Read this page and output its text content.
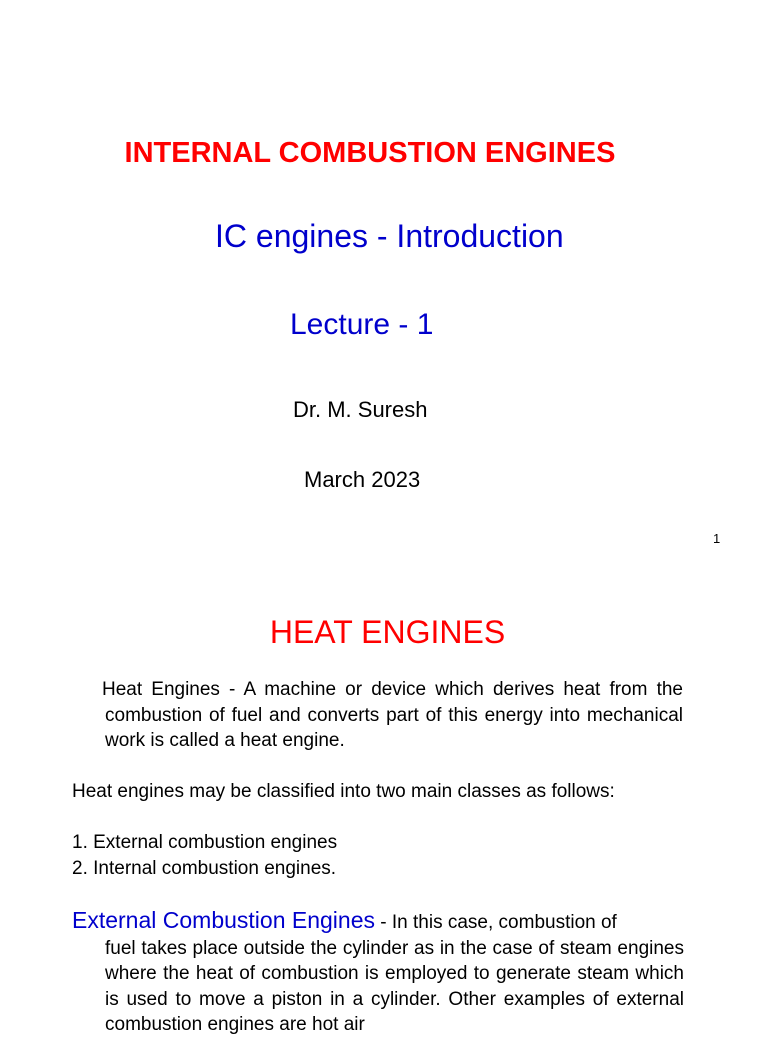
INTERNAL COMBUSTION ENGINES
IC engines - Introduction
Lecture - 1
Dr. M. Suresh
March 2023
1
HEAT ENGINES
Heat Engines - A machine or device which derives heat from the combustion of fuel and converts part of this energy into mechanical work is called a heat engine.
Heat engines may be classified into two main classes as follows:
1. External combustion engines
2. Internal combustion engines.
External Combustion Engines - In this case, combustion of
fuel takes place outside the cylinder as in the case of steam engines where the heat of combustion is employed to generate steam which is used to move a piston in a cylinder. Other examples of external combustion engines are hot air
